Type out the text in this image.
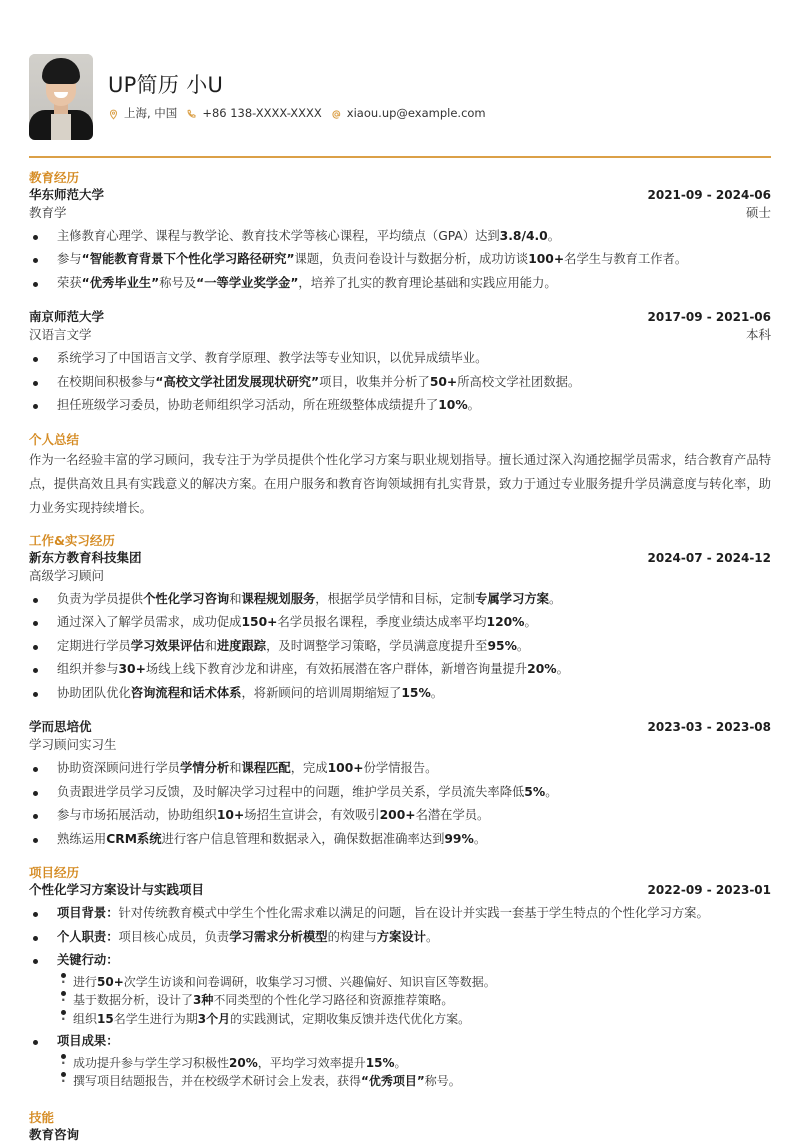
UP简历 小U
上海, 中国 +86 138-XXXX-XXXX xiaou.up@example.com
教育经历
华东师范大学	2021-09 - 2024-06
教育学	硕士
主修教育心理学、课程与教学论、教育技术学等核心课程，平均绩点（GPA）达到3.8/4.0。
参与“智能教育背景下个性化学习路径研究”课题，负责问卷设计与数据分析，成功访谈100+名学生与教育工作者。
荣获“优秀毕业生”称号及“一等学业奖学金”，培养了扎实的教育理论基础和实践应用能力。
南京师范大学	2017-09 - 2021-06
汉语言文学	本科
系统学习了中国语言文学、教育学原理、教学法等专业知识，以优异成绩毕业。
在校期间积极参与“高校文学社团发展现状研究”项目，收集并分析了50+所高校文学社团数据。
担任班级学习委员，协助老师组织学习活动，所在班级整体成绩提升了10%。
个人总结
作为一名经验丰富的学习顾问，我专注于为学员提供个性化学习方案与职业规划指导。擅长通过深入沟通挖掘学员需求，结合教育产品特点，提供高效且具有实践意义的解决方案。在用户服务和教育咨询领域拥有扎实背景，致力于通过专业服务提升学员满意度与转化率，助力业务实现持续增长。
工作&实习经历
新东方教育科技集团	2024-07 - 2024-12
高级学习顾问
负责为学员提供个性化学习咨询和课程规划服务，根据学员学情和目标，定制专属学习方案。
通过深入了解学员需求，成功促成150+名学员报名课程，季度业绩达成率平均120%。
定期进行学员学习效果评估和进度跟踪，及时调整学习策略，学员满意度提升至95%。
组织并参与30+场线上线下教育沙龙和讲座，有效拓展潜在客户群体，新增咨询量提升20%。
协助团队优化咨询流程和话术体系，将新顾问的培训周期缩短了15%。
学而思培优	2023-03 - 2023-08
学习顾问实习生
协助资深顾问进行学员学情分析和课程匹配，完成100+份学情报告。
负责跟进学员学习反馈，及时解决学习过程中的问题，维护学员关系，学员流失率降低5%。
参与市场拓展活动，协助组织10+场招生宣讲会，有效吸引200+名潜在学员。
熟练运用CRM系统进行客户信息管理和数据录入，确保数据准确率达到99%。
项目经历
个性化学习方案设计与实践项目	2022-09 - 2023-01
项目背景：针对传统教育模式中学生个性化需求难以满足的问题，旨在设计并实践一套基于学生特点的个性化学习方案。
个人职责：项目核心成员，负责学习需求分析模型的构建与方案设计。
关键行动：
· 进行50+次学生访谈和问卷调研，收集学习习惯、兴趣偏好、知识盲区等数据。
· 基于数据分析，设计了3种不同类型的个性化学习路径和资源推荐策略。
· 组织15名学生进行为期3个月的实践测试，定期收集反馈并迭代优化方案。
项目成果：
· 成功提升参与学生学习积极性20%，平均学习效率提升15%。
· 撰写项目结题报告，并在校级学术研讨会上发表，获得“优秀项目”称号。
技能
教育咨询
